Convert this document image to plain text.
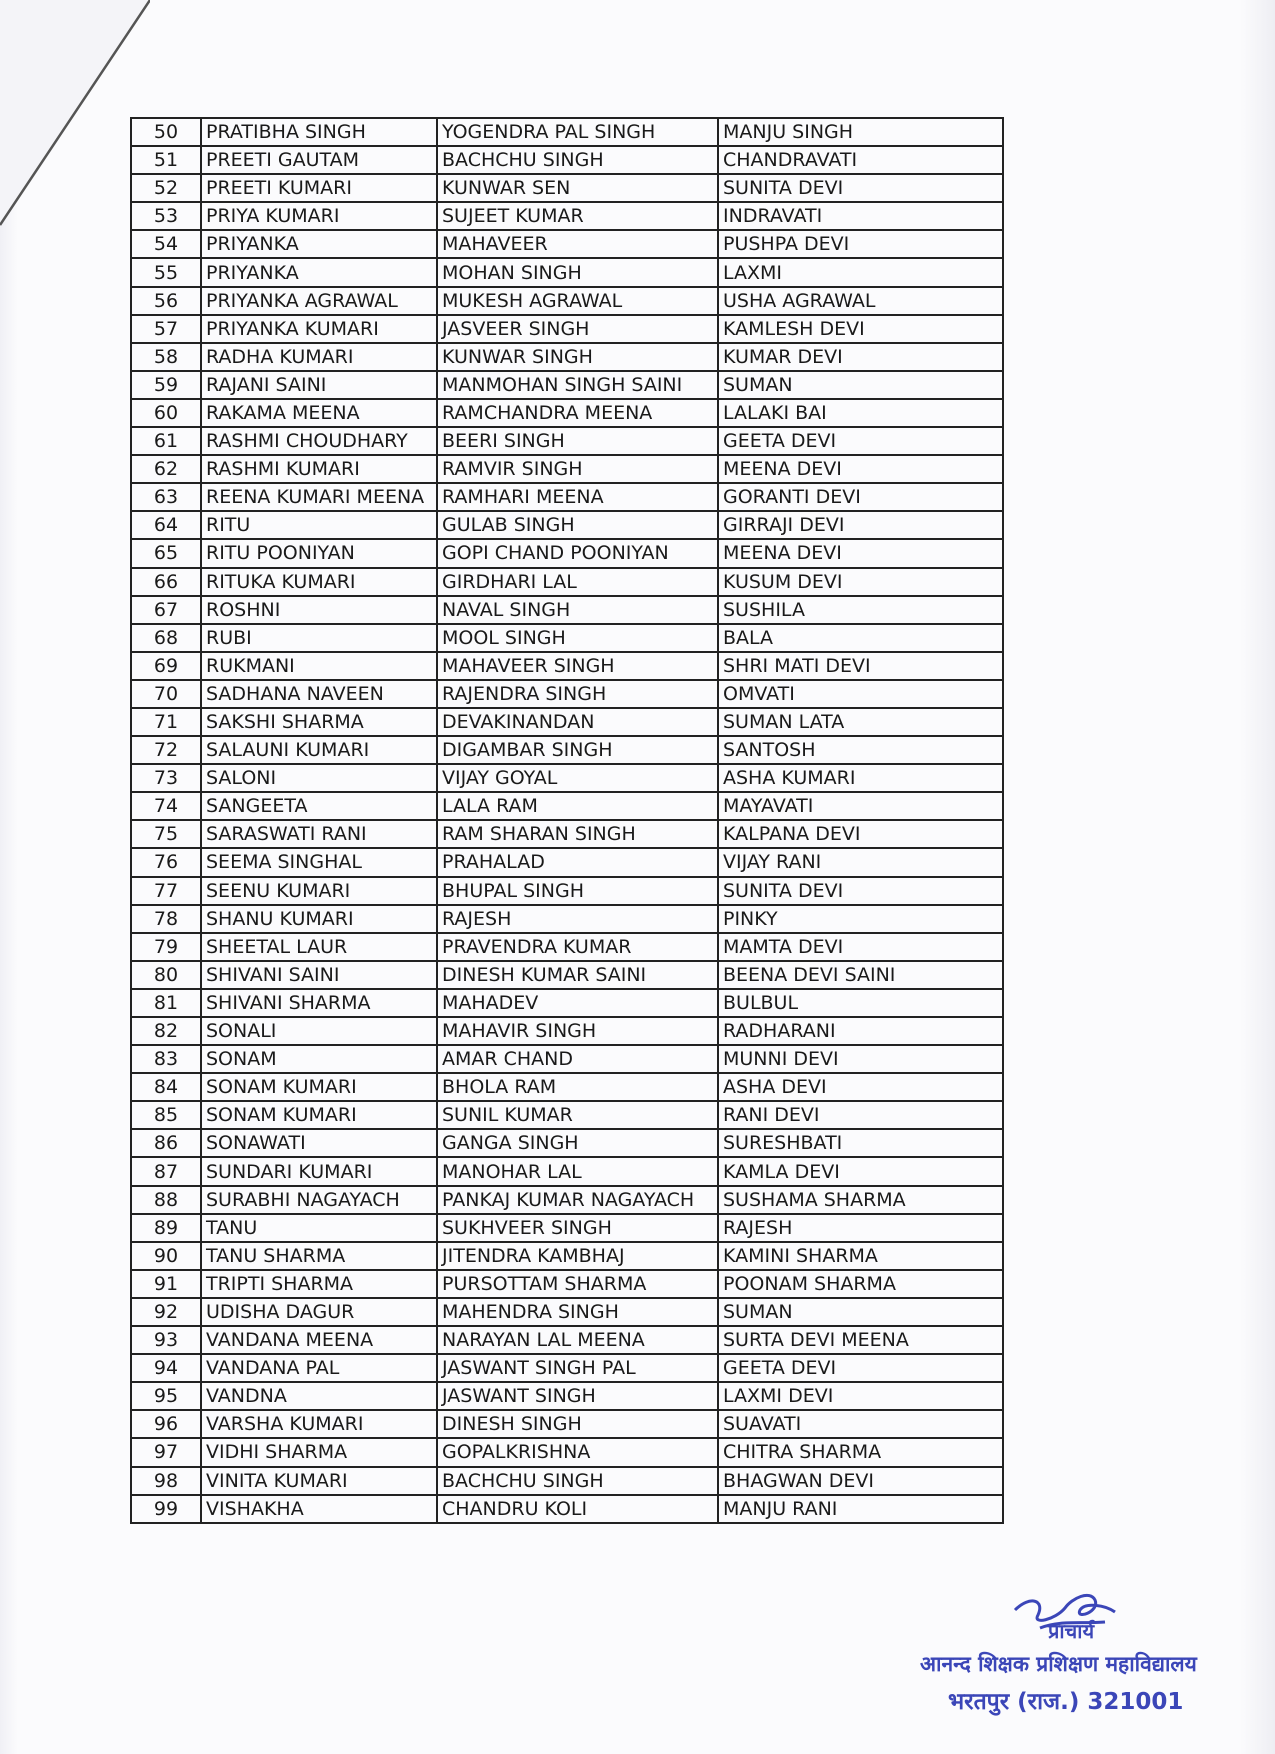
50	PRATIBHA SINGH	YOGENDRA PAL SINGH	MANJU SINGH
51	PREETI GAUTAM	BACHCHU SINGH	CHANDRAVATI
52	PREETI KUMARI	KUNWAR SEN	SUNITA DEVI
53	PRIYA KUMARI	SUJEET KUMAR	INDRAVATI
54	PRIYANKA	MAHAVEER	PUSHPA DEVI
55	PRIYANKA	MOHAN SINGH	LAXMI
56	PRIYANKA AGRAWAL	MUKESH AGRAWAL	USHA AGRAWAL
57	PRIYANKA KUMARI	JASVEER SINGH	KAMLESH DEVI
58	RADHA KUMARI	KUNWAR SINGH	KUMAR DEVI
59	RAJANI SAINI	MANMOHAN SINGH SAINI	SUMAN
60	RAKAMA MEENA	RAMCHANDRA MEENA	LALAKI BAI
61	RASHMI CHOUDHARY	BEERI SINGH	GEETA DEVI
62	RASHMI KUMARI	RAMVIR SINGH	MEENA DEVI
63	REENA KUMARI MEENA	RAMHARI MEENA	GORANTI DEVI
64	RITU	GULAB SINGH	GIRRAJI DEVI
65	RITU POONIYAN	GOPI CHAND POONIYAN	MEENA DEVI
66	RITUKA KUMARI	GIRDHARI LAL	KUSUM DEVI
67	ROSHNI	NAVAL SINGH	SUSHILA
68	RUBI	MOOL SINGH	BALA
69	RUKMANI	MAHAVEER SINGH	SHRI MATI DEVI
70	SADHANA NAVEEN	RAJENDRA SINGH	OMVATI
71	SAKSHI SHARMA	DEVAKINANDAN	SUMAN LATA
72	SALAUNI KUMARI	DIGAMBAR SINGH	SANTOSH
73	SALONI	VIJAY GOYAL	ASHA KUMARI
74	SANGEETA	LALA RAM	MAYAVATI
75	SARASWATI RANI	RAM SHARAN SINGH	KALPANA DEVI
76	SEEMA SINGHAL	PRAHALAD	VIJAY RANI
77	SEENU KUMARI	BHUPAL SINGH	SUNITA DEVI
78	SHANU KUMARI	RAJESH	PINKY
79	SHEETAL LAUR	PRAVENDRA KUMAR	MAMTA DEVI
80	SHIVANI SAINI	DINESH KUMAR SAINI	BEENA DEVI SAINI
81	SHIVANI SHARMA	MAHADEV	BULBUL
82	SONALI	MAHAVIR SINGH	RADHARANI
83	SONAM	AMAR CHAND	MUNNI DEVI
84	SONAM KUMARI	BHOLA RAM	ASHA DEVI
85	SONAM KUMARI	SUNIL KUMAR	RANI DEVI
86	SONAWATI	GANGA SINGH	SURESHBATI
87	SUNDARI KUMARI	MANOHAR LAL	KAMLA DEVI
88	SURABHI NAGAYACH	PANKAJ KUMAR NAGAYACH	SUSHAMA SHARMA
89	TANU	SUKHVEER SINGH	RAJESH
90	TANU SHARMA	JITENDRA KAMBHAJ	KAMINI SHARMA
91	TRIPTI SHARMA	PURSOTTAM SHARMA	POONAM SHARMA
92	UDISHA DAGUR	MAHENDRA SINGH	SUMAN
93	VANDANA MEENA	NARAYAN LAL MEENA	SURTA DEVI MEENA
94	VANDANA PAL	JASWANT SINGH PAL	GEETA DEVI
95	VANDNA	JASWANT SINGH	LAXMI DEVI
96	VARSHA KUMARI	DINESH SINGH	SUAVATI
97	VIDHI SHARMA	GOPALKRISHNA	CHITRA SHARMA
98	VINITA KUMARI	BACHCHU SINGH	BHAGWAN DEVI
99	VISHAKHA	CHANDRU KOLI	MANJU RANI
प्राचार्य
आनन्द शिक्षक प्रशिक्षण महाविद्यालय
भरतपुर (राज.) 321001
